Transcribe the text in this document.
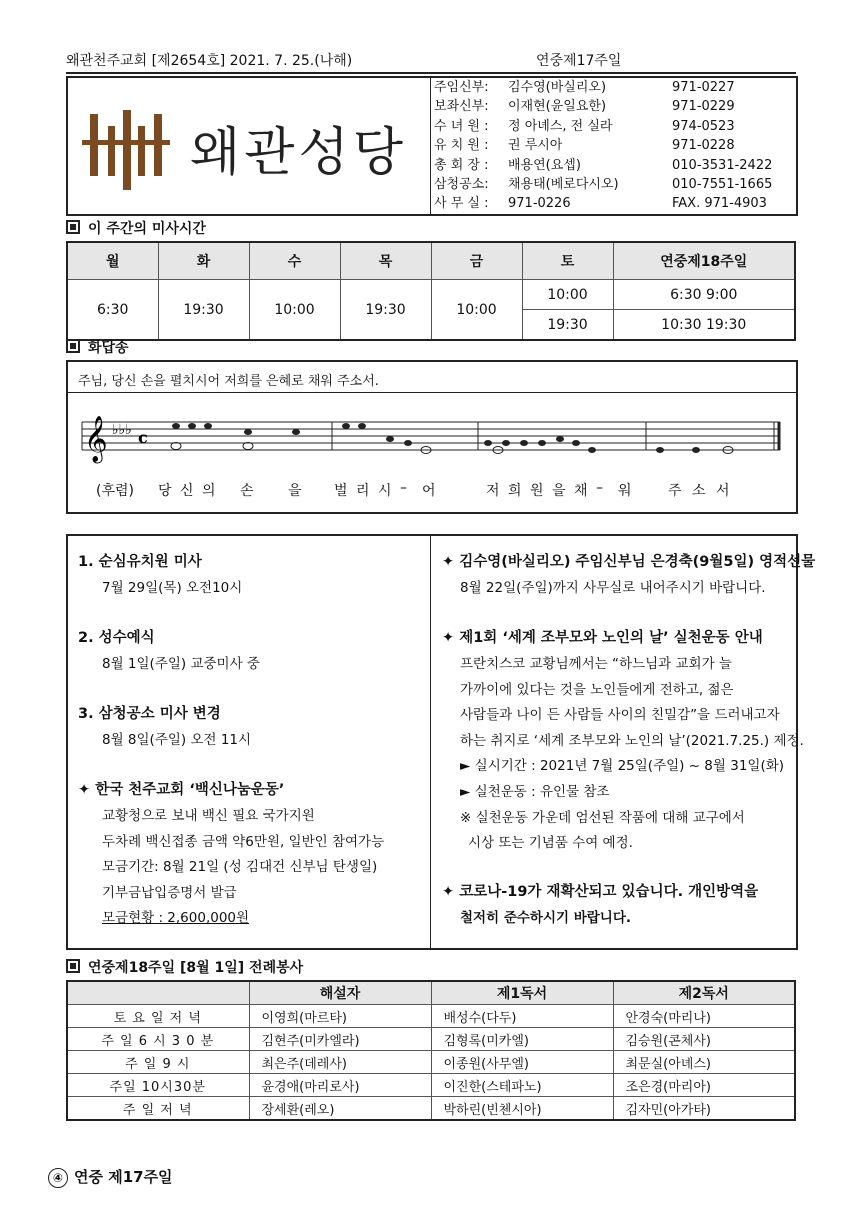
왜관천주교회 [제2654호] 2021. 7. 25.(나해)	연중제17주일
왜관성당
주임신부: 김수영(바실리오)	971-0227
보좌신부: 이재현(윤일요한)	971-0229
수 녀 원 : 정 아녜스, 전 실라	974-0523
유 치 원 : 권 루시아	971-0228
총 회 장 : 배용연(요셉)	010-3531-2422
삼청공소: 채용태(베로다시오)	010-7551-1665
사 무 실 : 971-0226	FAX. 971-4903
이 주간의 미사시간
월	화	수	목	금	토	연중제18주일
6:30	19:30	10:00	19:30	10:00	10:00	6:30 9:00
					19:30	10:30 19:30
화답송
주님, 당신 손을 펼치시어 저희를 은혜로 채워 주소서.
𝄞 ♭♭♭ c
(후렴) 당 신 의 손 을 벌 리 시 – 어	저 희 원 을 채 – 워	주 소 서
1. 순심유치원 미사
7월 29일(목) 오전10시
2. 성수예식
8월 1일(주일) 교중미사 중
3. 삼청공소 미사 변경
8월 8일(주일) 오전 11시
✦ 한국 천주교회 ‘백신나눔운동’
교황청으로 보내 백신 필요 국가지원
두차례 백신접종 금액 약6만원, 일반인 참여가능
모금기간: 8월 21일 (성 김대건 신부님 탄생일)
기부금납입증명서 발급
모금현황 : 2,600,000원
✦ 김수영(바실리오) 주임신부님 은경축(9월5일) 영적선물
8월 22일(주일)까지 사무실로 내어주시기 바랍니다.
✦ 제1회 ‘세계 조부모와 노인의 날’ 실천운동 안내
프란치스코 교황님께서는 “하느님과 교회가 늘
가까이에 있다는 것을 노인들에게 전하고, 젊은
사람들과 나이 든 사람들 사이의 친밀감”을 드러내고자
하는 취지로 ‘세계 조부모와 노인의 날’(2021.7.25.) 제정.
► 실시기간 : 2021년 7월 25일(주일) ~ 8월 31일(화)
► 실천운동 : 유인물 참조
※ 실천운동 가운데 엄선된 작품에 대해 교구에서
시상 또는 기념품 수여 예정.
✦ 코로나-19가 재확산되고 있습니다. 개인방역을
철저히 준수하시기 바랍니다.
연중제18주일 [8월 1일] 전례봉사
	해설자	제1독서	제2독서
토 요 일 저 녁	이영희(마르타)	배성수(다두)	안경숙(마리나)
주 일 6 시 3 0 분	김현주(미카엘라)	김형록(미카엘)	김승원(콘체사)
주 일 9 시	최은주(데레사)	이종원(사무엘)	최문실(아녜스)
주일 10시30분	윤경애(마리로사)	이진한(스테파노)	조은경(마리아)
주 일 저 녁	장세환(레오)	박하린(빈첸시아)	김자민(아가타)
④ 연중 제17주일
